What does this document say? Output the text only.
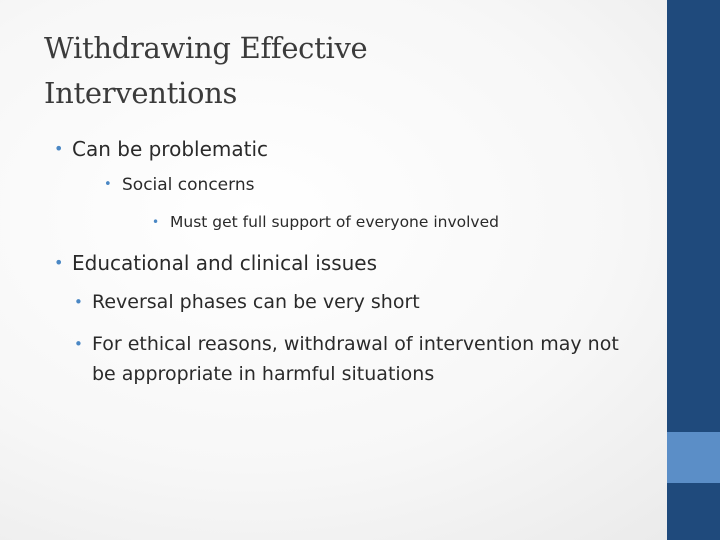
Withdrawing Effective
Interventions
• Can be problematic
• Social concerns
• Must get full support of everyone involved
• Educational and clinical issues
• Reversal phases can be very short
• For ethical reasons, withdrawal of intervention may not be appropriate in harmful situations
